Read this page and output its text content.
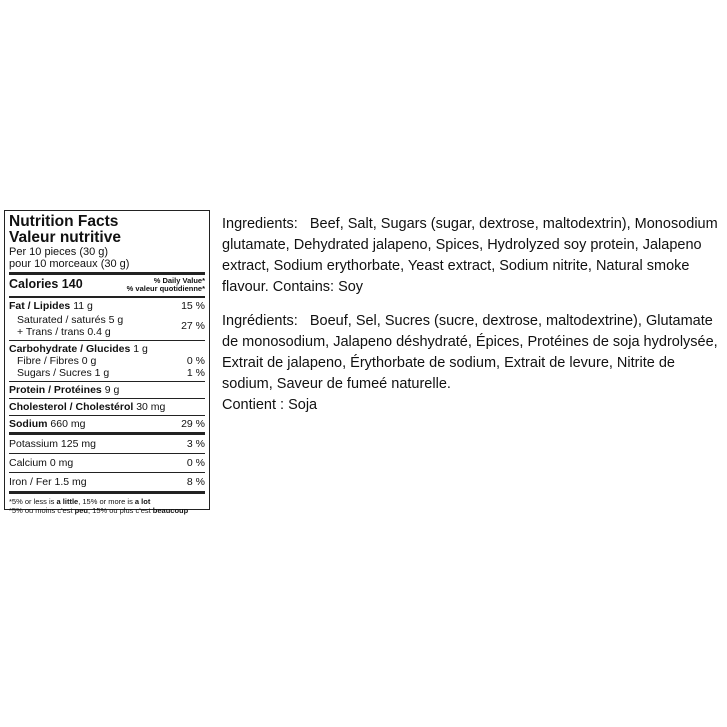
Nutrition Facts
Valeur nutritive
Per 10 pieces (30 g)
pour 10 morceaux (30 g)
Calories 140	% Daily Value*
% valeur quotidienne*
Fat / Lipides 11 g	15 %
Saturated / saturés 5 g
+ Trans / trans 0.4 g	27 %
Carbohydrate / Glucides 1 g
Fibre / Fibres 0 g	0 %
Sugars / Sucres 1 g	1 %
Protein / Protéines 9 g
Cholesterol / Cholestérol 30 mg
Sodium 660 mg	29 %
Potassium 125 mg	3 %
Calcium 0 mg	0 %
Iron / Fer 1.5 mg	8 %
*5% or less is a little, 15% or more is a lot
*5% ou moins c'est peu, 15% ou plus c'est beaucoup
Ingredients: Beef, Salt, Sugars (sugar, dextrose, maltodextrin), Monosodium glutamate, Dehydrated jalapeno, Spices, Hydrolyzed soy protein, Jalapeno extract, Sodium erythorbate, Yeast extract, Sodium nitrite, Natural smoke flavour. Contains: Soy
Ingrédients: Boeuf, Sel, Sucres (sucre, dextrose, maltodextrine), Glutamate de monosodium, Jalapeno déshydraté, Épices, Protéines de soja hydrolysée, Extrait de jalapeno, Érythorbate de sodium, Extrait de levure, Nitrite de sodium, Saveur de fumeé naturelle.
Contient : Soja
